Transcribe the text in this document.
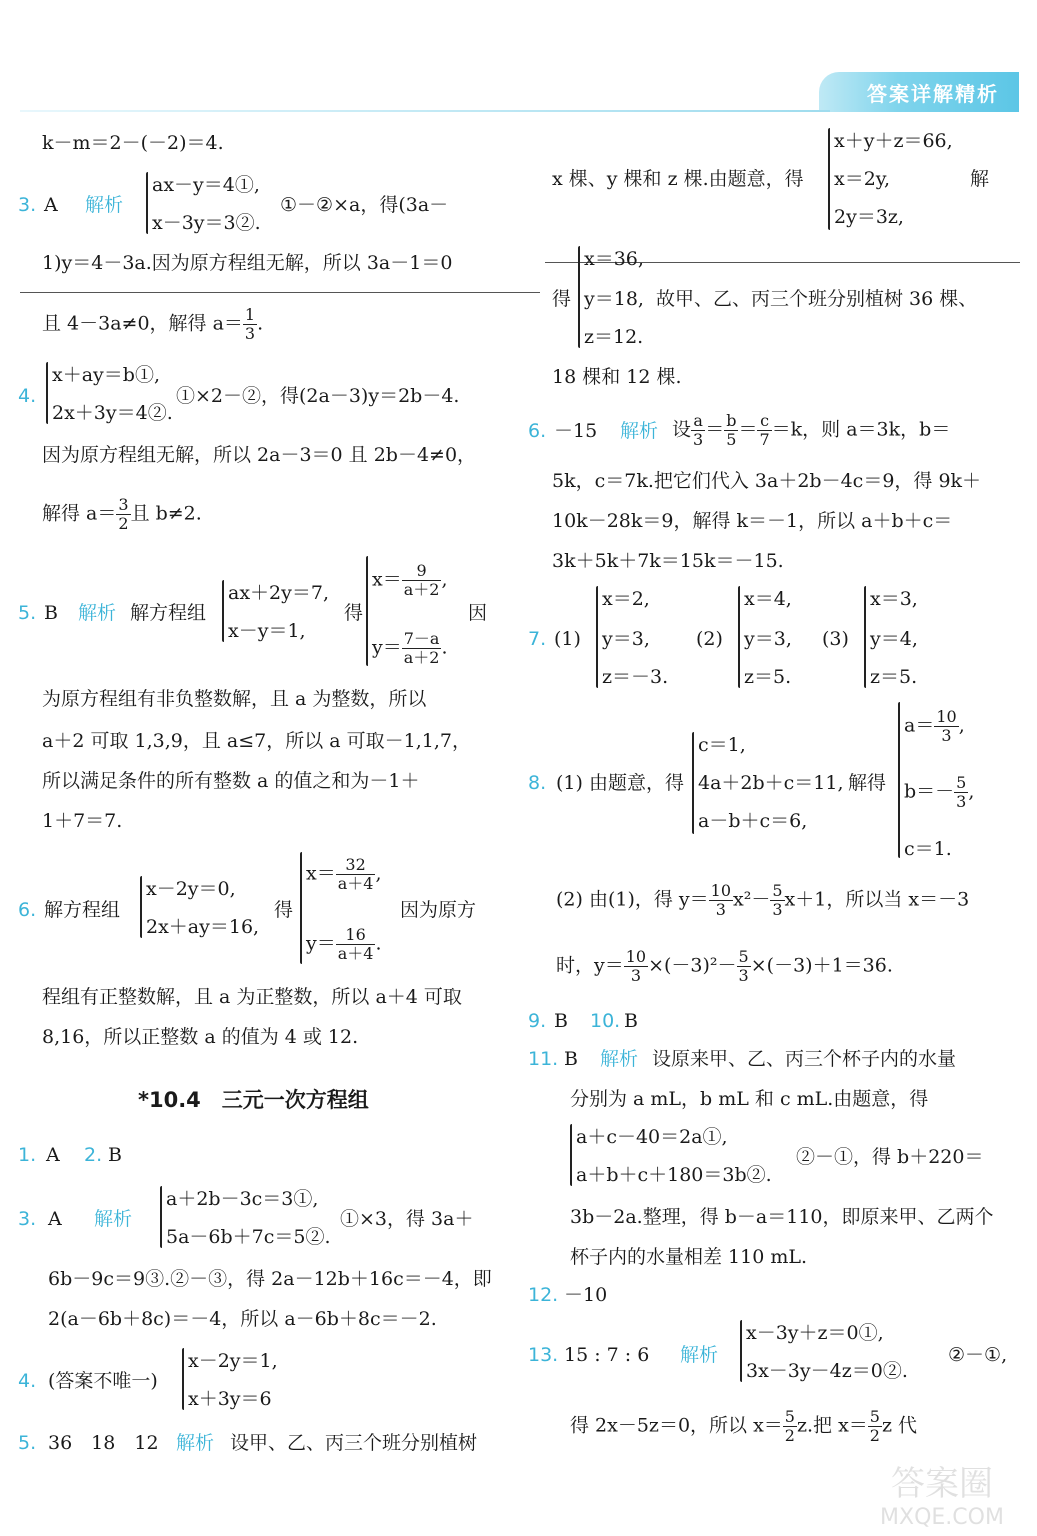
答案详解精析
k－m＝2－(－2)＝4.
3. A 解析
ax－y＝4①,
x－3y＝3②.
①－②×a，得(3a－
1)y＝4－3a.因为原方程组无解，所以 3a－1＝0
且 4－3a≠0，解得 $a= \frac{1}{3}$ .
4.
x＋ay＝b①,
2x＋3y＝4②.
①×2－②，得(2a－3)y＝2b－4.
因为原方程组无解，所以 2a－3＝0 且 2b－4≠0，
解得 $a= \frac{3}{2}$ 且 b≠2.
5. B 解析 解方程组
ax＋2y＝7,
x－y＝1,
得
$x= \frac{9}{a+2}$ ,
$y= \frac{7-a}{a+2}$ .
因
为原方程组有非负整数解，且 a 为整数，所以
a＋2 可取 1,3,9，且 a≤7，所以 a 可取－1,1,7，
所以满足条件的所有整数 a 的值之和为－1＋
1＋7＝7.
6. 解方程组
x－2y＝0,
2x＋ay＝16,
得
$x= \frac{32}{a+4}$ ,
$y= \frac{16}{a+4}$ .
因为原方
程组有正整数解，且 a 为正整数，所以 a＋4 可取
8,16，所以正整数 a 的值为 4 或 12.
*10.4　三元一次方程组
1. A 2. B
3. A 解析
a＋2b－3c＝3①,
5a－6b＋7c＝5②.
①×3，得 3a＋
6b－9c＝9③.②－③，得 2a－12b＋16c＝－4，即
2(a－6b＋8c)＝－4，所以 a－6b＋8c＝－2.
4. (答案不唯一)
x－2y＝1,
x＋3y＝6
5. 36　18　12 解析 设甲、乙、丙三个班分别植树
x＋y＋z＝66,
x＝2y,
2y＝3z,
x 棵、y 棵和 z 棵.由题意，得	解
得
x＝36,
y＝18,
z＝12.
故甲、乙、丙三个班分别植树 36 棵、
18 棵和 12 棵.
6. －15 解析 设 $\frac{a}{3} = \frac{b}{5} = \frac{c}{7} =k$，则 a＝3k，b＝
5k，c＝7k.把它们代入 3a＋2b－4c＝9，得 9k＋
10k－28k＝9，解得 k＝－1，所以 a＋b＋c＝
3k＋5k＋7k＝15k＝－15.
7. (1)
x＝2,
y＝3,
z＝－3.
(2)
x＝4,
y＝3,
z＝5.
(3)
x＝3,
y＝4,
z＝5.
8. (1) 由题意，得
c＝1,
4a＋2b＋c＝11,
a－b＋c＝6,
解得
$a= \frac{10}{3}$ ,
$b=- \frac{5}{3}$ ,
c＝1.
(2) 由(1)，得 $y= \frac{10}{3} x^2- \frac{5}{3} x+1$，所以当 x＝－3
时，$y= \frac{10}{3} \times(-3)^2- \frac{5}{3} \times(-3)+1=36$.
9. B 10. B
11. B 解析 设原来甲、乙、丙三个杯子内的水量
分别为 a mL，b mL 和 c mL.由题意，得
a＋c－40＝2a①,
a＋b＋c＋180＝3b②.
②－①，得 b＋220＝
3b－2a.整理，得 b－a＝110，即原来甲、乙两个
杯子内的水量相差 110 mL.
12. －10
13. 15 : 7 : 6 解析
x－3y＋z＝0①,
3x－3y－4z＝0②.
②－①,
得 2x－5z＝0，所以 $x= \frac{5}{2} z$.把 $x= \frac{5}{2}$ z 代
答案圈
MXQE.COM
